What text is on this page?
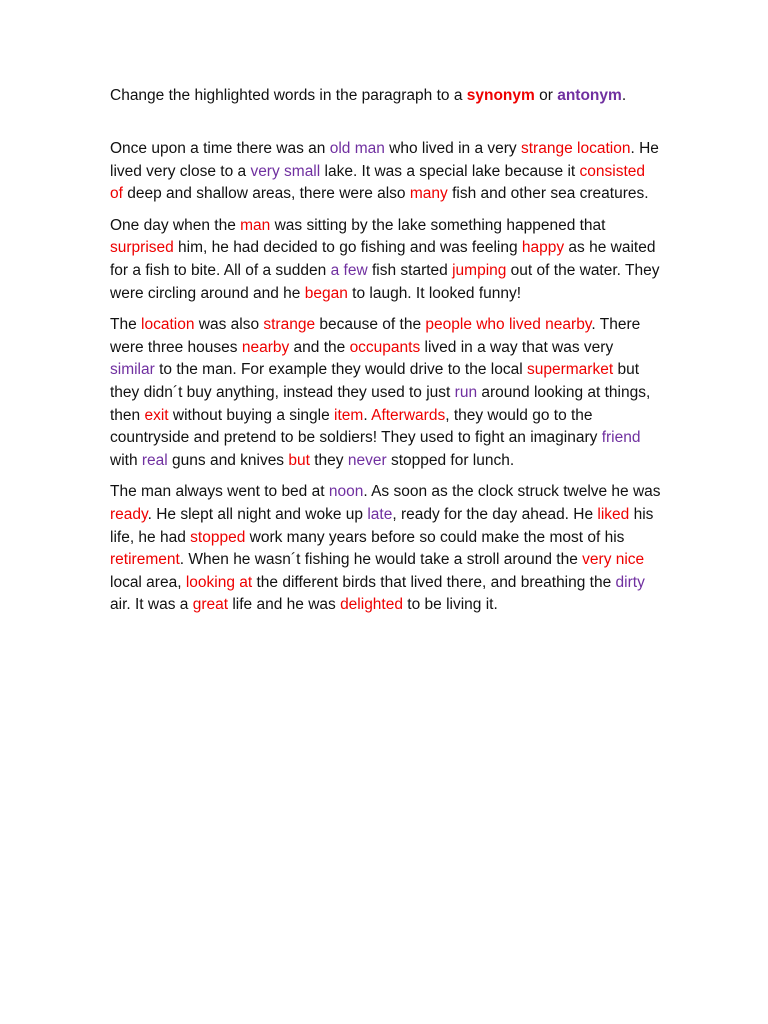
Change the highlighted words in the paragraph to a synonym or antonym.

Once upon a time there was an old man who lived in a very strange location. He lived very close to a very small lake. It was a special lake because it consisted of deep and shallow areas, there were also many fish and other sea creatures.

One day when the man was sitting by the lake something happened that surprised him, he had decided to go fishing and was feeling happy as he waited for a fish to bite. All of a sudden a few fish started jumping out of the water. They were circling around and he began to laugh. It looked funny!

The location was also strange because of the people who lived nearby. There were three houses nearby and the occupants lived in a way that was very similar to the man. For example they would drive to the local supermarket but they didn´t buy anything, instead they used to just run around looking at things, then exit without buying a single item. Afterwards, they would go to the countryside and pretend to be soldiers! They used to fight an imaginary friend with real guns and knives but they never stopped for lunch.

The man always went to bed at noon. As soon as the clock struck twelve he was ready. He slept all night and woke up late, ready for the day ahead. He liked his life, he had stopped work many years before so could make the most of his retirement. When he wasn´t fishing he would take a stroll around the very nice local area, looking at the different birds that lived there, and breathing the dirty air. It was a great life and he was delighted to be living it.
